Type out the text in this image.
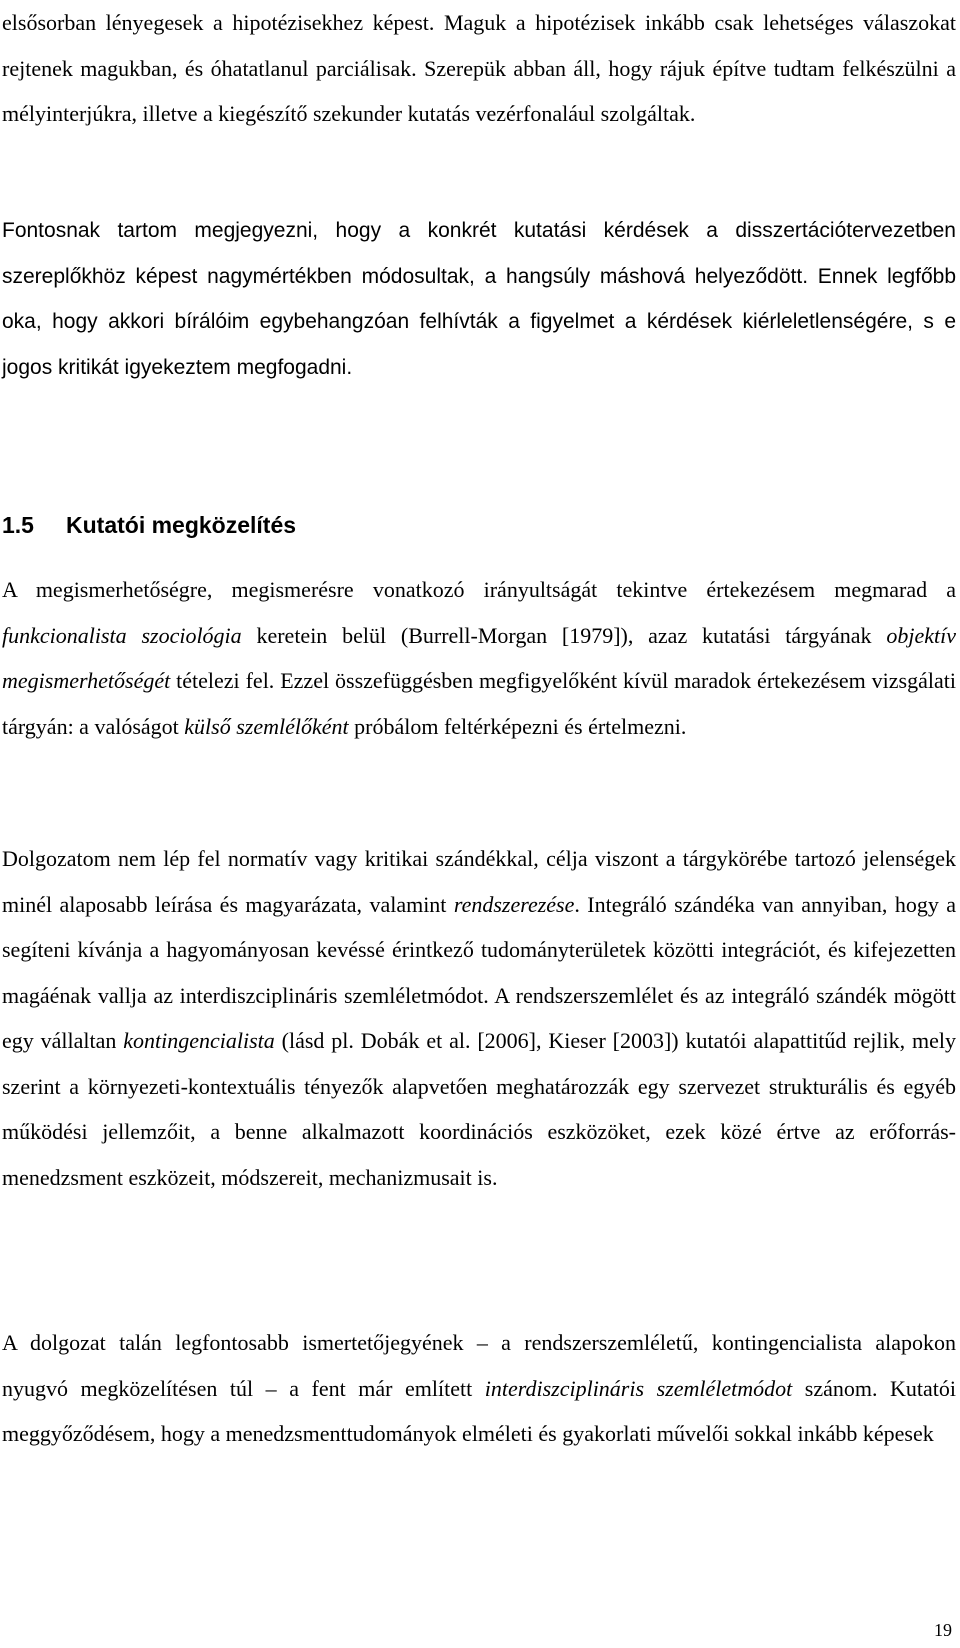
elsősorban lényegesek a hipotézisekhez képest. Maguk a hipotézisek inkább csak lehetséges válaszokat rejtenek magukban, és óhatatlanul parciálisak. Szerepük abban áll, hogy rájuk építve tudtam felkészülni a mélyinterjúkra, illetve a kiegészítő szekunder kutatás vezérfonalául szolgáltak.

Fontosnak tartom megjegyezni, hogy a konkrét kutatási kérdések a disszertációtervezetben szereplőkhöz képest nagymértékben módosultak, a hangsúly máshová helyeződött. Ennek legfőbb oka, hogy akkori bírálóim egybehangzóan felhívták a figyelmet a kérdések kiérleletlenségére, s e jogos kritikát igyekeztem megfogadni.

1.5 Kutatói megközelítés

A megismerhetőségre, megismerésre vonatkozó irányultságát tekintve értekezésem megmarad a funkcionalista szociológia keretein belül (Burrell-Morgan [1979]), azaz kutatási tárgyának objektív megismerhetőségét tételezi fel. Ezzel összefüggésben megfigyelőként kívül maradok értekezésem vizsgálati tárgyán: a valóságot külső szemlélőként próbálom feltérképezni és értelmezni.

Dolgozatom nem lép fel normatív vagy kritikai szándékkal, célja viszont a tárgykörébe tartozó jelenségek minél alaposabb leírása és magyarázata, valamint rendszerezése. Integráló szándéka van annyiban, hogy a segíteni kívánja a hagyományosan kevéssé érintkező tudományterületek közötti integrációt, és kifejezetten magáénak vallja az interdiszciplináris szemléletmódot. A rendszerszemlélet és az integráló szándék mögött egy vállaltan kontingencialista (lásd pl. Dobák et al. [2006], Kieser [2003]) kutatói alapattitűd rejlik, mely szerint a környezeti-kontextuális tényezők alapvetően meghatározzák egy szervezet strukturális és egyéb működési jellemzőit, a benne alkalmazott koordinációs eszközöket, ezek közé értve az erőforrás-menedzsment eszközeit, módszereit, mechanizmusait is.

A dolgozat talán legfontosabb ismertetőjegyének – a rendszerszemléletű, kontingencialista alapokon nyugvó megközelítésen túl – a fent már említett interdiszciplináris szemléletmódot szánom. Kutatói meggyőződésem, hogy a menedzsmenttudományok elméleti és gyakorlati művelői sokkal inkább képesek

19
